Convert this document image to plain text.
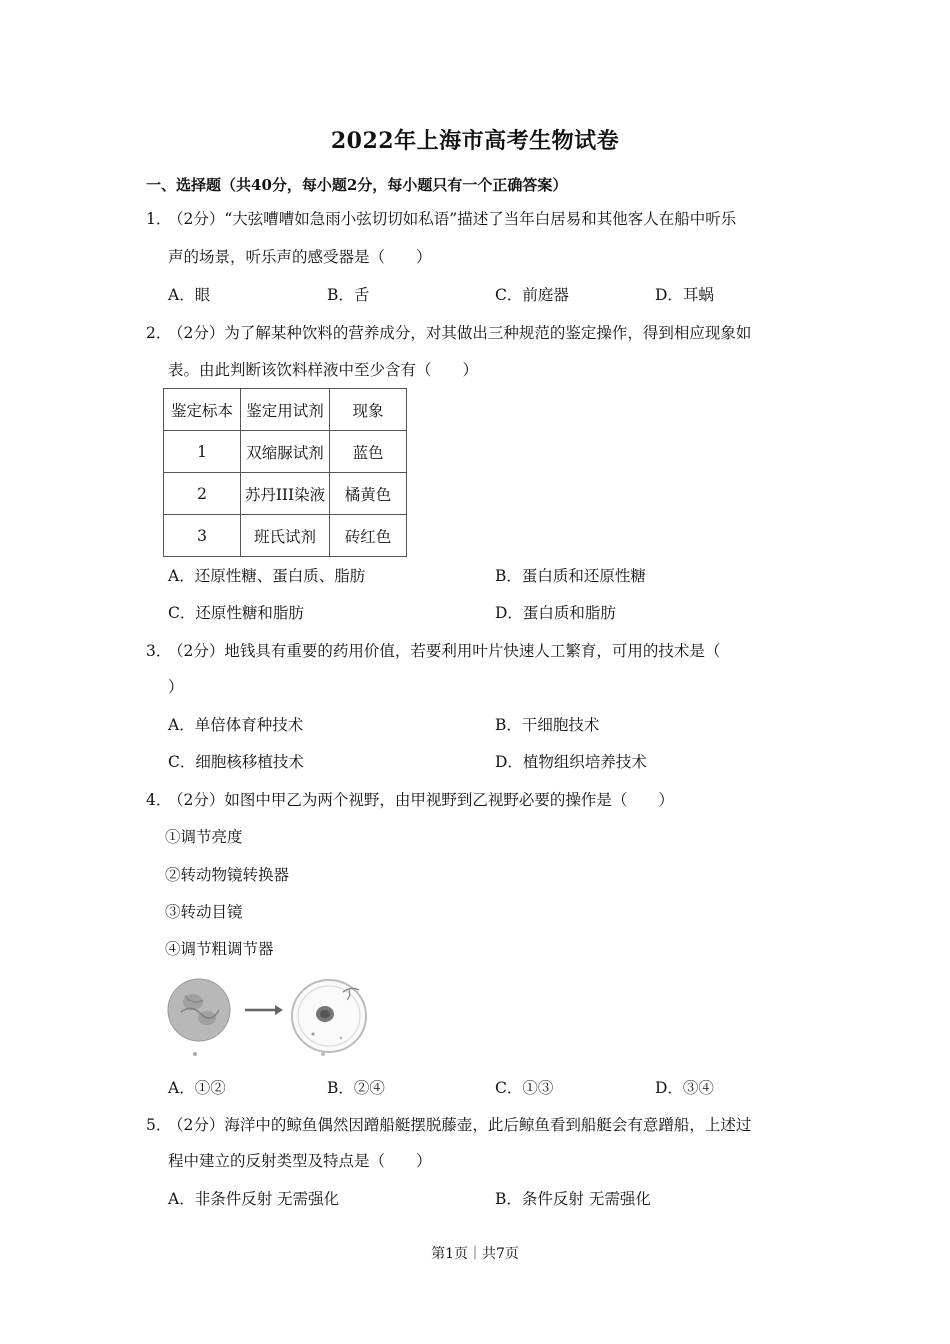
2022年上海市高考生物试卷
一、选择题（共40分，每小题2分，每小题只有一个正确答案）
1．
（2分）“大弦嘈嘈如急雨小弦切切如私语”描述了当年白居易和其他客人在船中听乐
声的场景，听乐声的感受器是（　　）
A．眼	B．舌	C．前庭器	D．耳蜗
2．
（2分）为了解某种饮料的营养成分，对其做出三种规范的鉴定操作，得到相应现象如
表。由此判断该饮料样液中至少含有（　　）
鉴定标本	鉴定用试剂	现象
1	双缩脲试剂	蓝色
2	苏丹III染液	橘黄色
3	班氏试剂	砖红色
A．还原性糖、蛋白质、脂肪	B．蛋白质和还原性糖
C．还原性糖和脂肪	D．蛋白质和脂肪
3．
（2分）地钱具有重要的药用价值，若要利用叶片快速人工繁育，可用的技术是（
）
A．单倍体育种技术	B．干细胞技术
C．细胞核移植技术	D．植物组织培养技术
4．
（2分）如图中甲乙为两个视野，由甲视野到乙视野必要的操作是（　　）
①调节亮度
②转动物镜转换器
③转动目镜
④调节粗调节器
A．①②	B．②④	C．①③	D．③④
5．
（2分）海洋中的鲸鱼偶然因蹭船艇摆脱藤壶，此后鲸鱼看到船艇会有意蹭船，上述过
程中建立的反射类型及特点是（　　）
A．非条件反射 无需强化	B．条件反射 无需强化
第1页｜共7页
